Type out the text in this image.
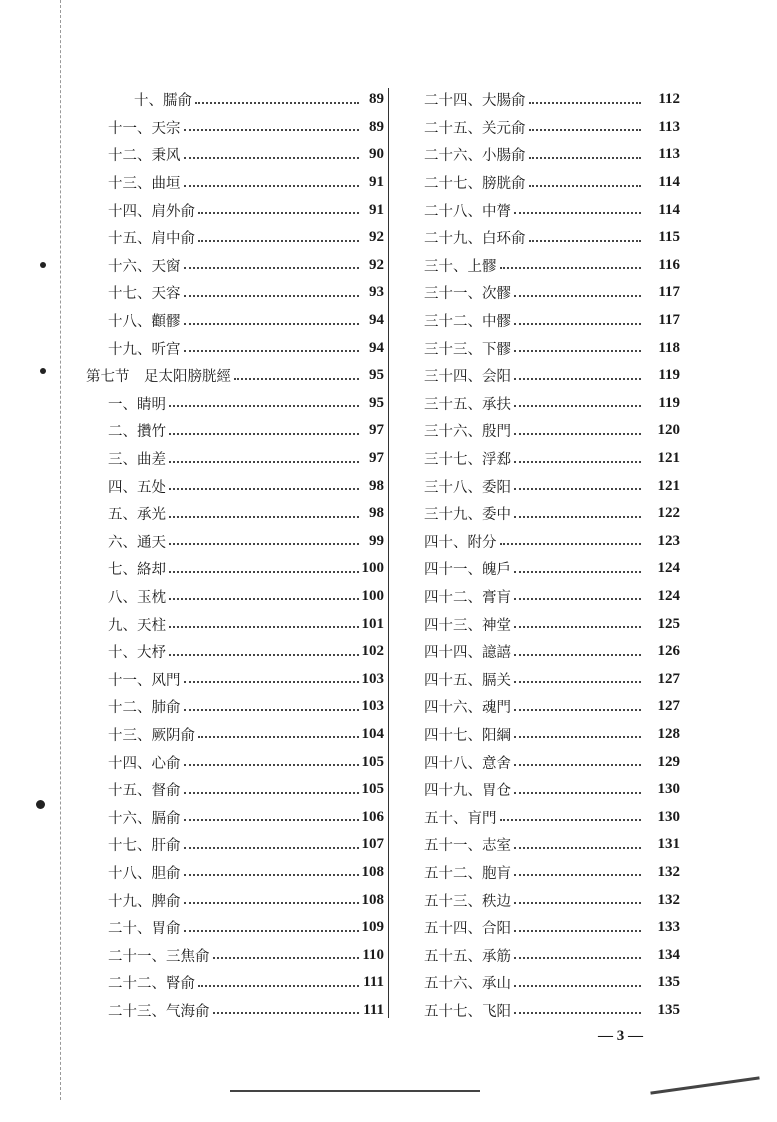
十、臑俞	89
十一、天宗	89
十二、秉风	90
十三、曲垣	91
十四、肩外俞	91
十五、肩中俞	92
十六、天窗	92
十七、天容	93
十八、顴髎	94
十九、听宫	94
第七节　足太阳膀胱經	95
一、睛明	95
二、攢竹	97
三、曲差	97
四、五处	98
五、承光	98
六、通天	99
七、絡却	100
八、玉枕	100
九、天柱	101
十、大杼	102
十一、风門	103
十二、肺俞	103
十三、厥阴俞	104
十四、心俞	105
十五、督俞	105
十六、膈俞	106
十七、肝俞	107
十八、胆俞	108
十九、脾俞	108
二十、胃俞	109
二十一、三焦俞	110
二十二、腎俞	111
二十三、气海俞	111
二十四、大腸俞	112
二十五、关元俞	113
二十六、小腸俞	113
二十七、膀胱俞	114
二十八、中膂	114
二十九、白环俞	115
三十、上髎	116
三十一、次髎	117
三十二、中髎	117
三十三、下髎	118
三十四、会阳	119
三十五、承扶	119
三十六、殷門	120
三十七、浮郄	121
三十八、委阳	121
三十九、委中	122
四十、附分	123
四十一、魄戶	124
四十二、膏肓	124
四十三、神堂	125
四十四、譩譆	126
四十五、膈关	127
四十六、魂門	127
四十七、阳綱	128
四十八、意舍	129
四十九、胃仓	130
五十、肓門	130
五十一、志室	131
五十二、胞肓	132
五十三、秩边	132
五十四、合阳	133
五十五、承筋	134
五十六、承山	135
五十七、飞阳	135
— 3 —
